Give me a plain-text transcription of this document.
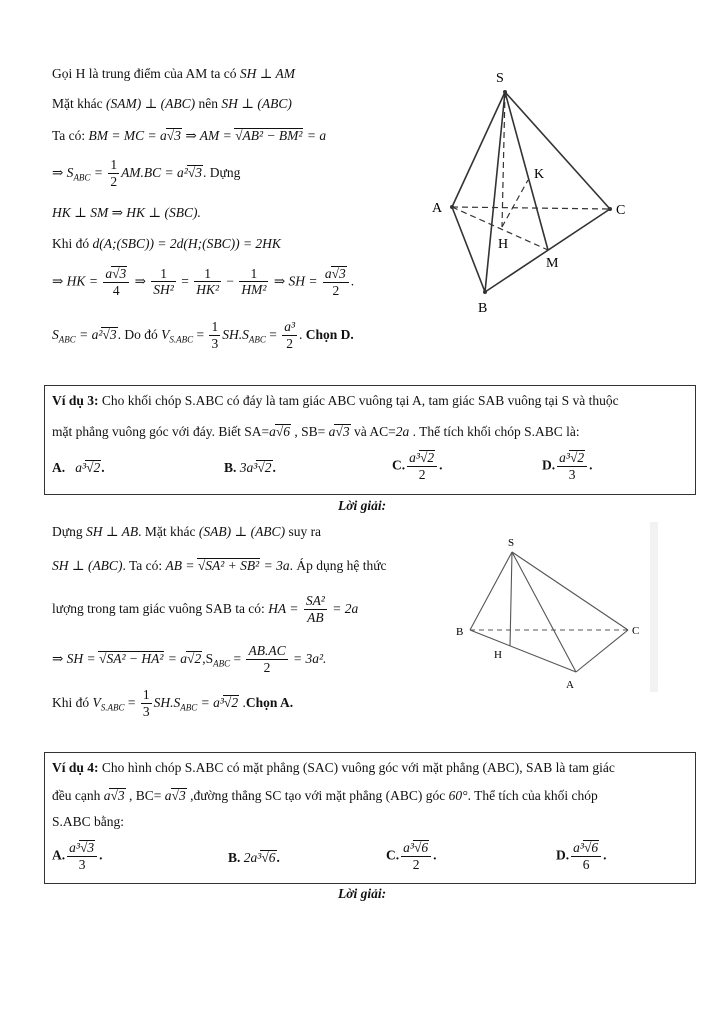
Gọi H là trung điểm của AM ta có SH ⊥ AM
Mặt khác (SAM) ⊥ (ABC) nên SH ⊥ (ABC)
Ta có: BM = MC = a√ 3 ⇒ AM = √ AB² − BM² = a
⇒ $S_{ABC} = \frac{1}{2} AM.BC = a^2√$ 3. Dựng
HK ⊥ SM ⇒ HK ⊥ (SBC).
Khi đó d(A;(SBC)) = 2d(H;(SBC)) = 2HK
⇒ HK = $\frac{a√ 3}{4}$ ⇒ $\frac{1}{\text{SH²}} = \frac{1}{\text{HK²}} - \frac{1}{\text{HM²}}$ ⇒ SH = $\frac{a√ 3}{2}$ .
$S_{ABC} = a^2√$ 3. Do đó $V_{S.ABC} = \frac{1}{3} SH.S_{ABC} = \frac{\text{a³}}{2}$ . Chọn D.
S
A
B
C
H
K
M
Ví dụ 3: Cho khối chóp S.ABC có đáy là tam giác ABC vuông tại A, tam giác SAB vuông tại S và thuộc
mặt phẳng vuông góc với đáy. Biết SA=a√ 6 , SB= a√ 3 và AC=2a . Thể tích khối chóp S.ABC là:
A. a³√ 2.	B. 3a³√ 2.	C. $\frac{\text{a³√ 2}}{2}$ .	D. $\frac{\text{a³√ 2}}{3}$ .
Lời giải:
Dựng SH ⊥ AB. Mặt khác (SAB) ⊥ (ABC) suy ra
SH ⊥ (ABC). Ta có: AB = √ SA² + SB² = 3a. Áp dụng hệ thức
lượng trong tam giác vuông SAB ta có: HA = $\frac{\text{SA²}}{AB} = 2a$
⇒ SH = √ SA² − HA² = a√ $2,S_{ABC} = \frac{AB.AC}{2} = 3a^2$.
Khi đó $V_{S.ABC} = \frac{1}{3} SH.S_{ABC} = a^3√$ 2 .Chọn A.
S
B	C
H
A
Ví dụ 4: Cho hình chóp S.ABC có mặt phẳng (SAC) vuông góc với mặt phẳng (ABC), SAB là tam giác
đều cạnh a√ 3 , BC= a√ 3 ,đường thẳng SC tạo với mặt phẳng (ABC) góc 60°. Thể tích của khối chóp
S.ABC bằng:
A. $\frac{\text{a³√ 3}}{3}$ .	B. 2a³√ 6.	C. $\frac{\text{a³√ 6}}{2}$ .	D. $\frac{\text{a³√ 6}}{6}$ .
Lời giải:
